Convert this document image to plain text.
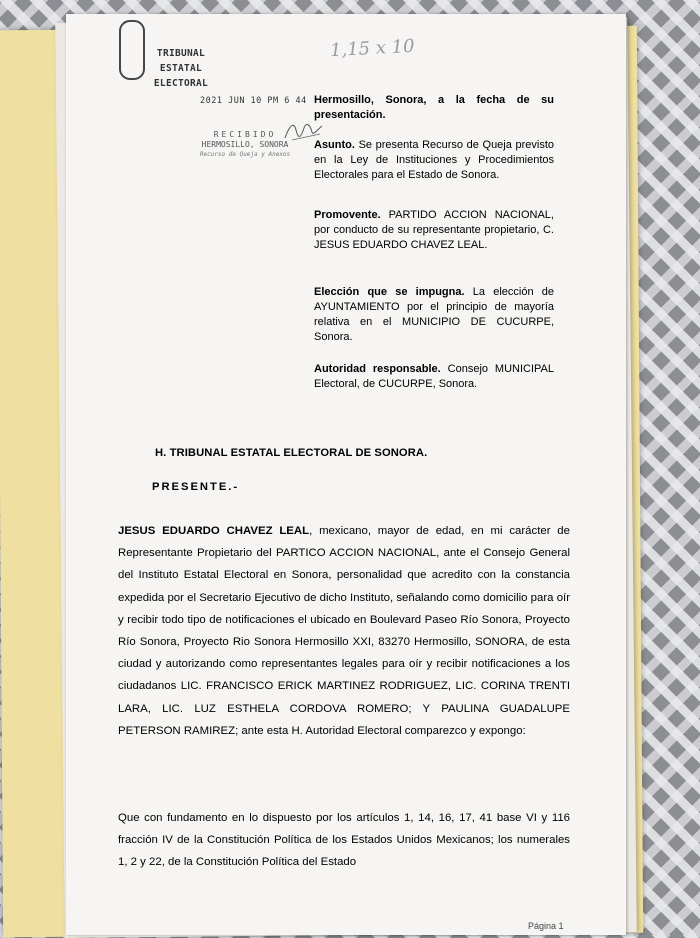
TRIBUNAL ESTATAL
ELECTORAL
1,15 x 10
2021 JUN 10 PM 6 44
RECIBIDO
HERMOSILLO, SONORA
Recurso de Queja y Anexos
Hermosillo, Sonora, a la fecha de su presentación.
Asunto. Se presenta Recurso de Queja previsto en la Ley de Instituciones y Procedimientos Electorales para el Estado de Sonora.
Promovente. PARTIDO ACCION NACIONAL, por conducto de su representante propietario, C. JESUS EDUARDO CHAVEZ LEAL.
Elección que se impugna. La elección de AYUNTAMIENTO por el principio de mayoría relativa en el MUNICIPIO DE CUCURPE, Sonora.
Autoridad responsable. Consejo MUNICIPAL Electoral, de CUCURPE, Sonora.
H. TRIBUNAL ESTATAL ELECTORAL DE SONORA.
PRESENTE.-
JESUS EDUARDO CHAVEZ LEAL, mexicano, mayor de edad, en mi carácter de Representante Propietario del PARTICO ACCION NACIONAL, ante el Consejo General del Instituto Estatal Electoral en Sonora, personalidad que acredito con la constancia expedida por el Secretario Ejecutivo de dicho Instituto, señalando como domicilio para oír y recibir todo tipo de notificaciones el ubicado en Boulevard Paseo Río Sonora, Proyecto Río Sonora, Proyecto Rio Sonora Hermosillo XXI, 83270 Hermosillo, SONORA, de esta ciudad y autorizando como representantes legales para oír y recibir notificaciones a los ciudadanos LIC. FRANCISCO ERICK MARTINEZ RODRIGUEZ, LIC. CORINA TRENTI LARA, LIC. LUZ ESTHELA CORDOVA ROMERO; Y PAULINA GUADALUPE PETERSON RAMIREZ; ante esta H. Autoridad Electoral comparezco y expongo:
Que con fundamento en lo dispuesto por los artículos 1, 14, 16, 17, 41 base VI y 116 fracción IV de la Constitución Política de los Estados Unidos Mexicanos; los numerales 1, 2 y 22, de la Constitución Política del Estado
Página 1
